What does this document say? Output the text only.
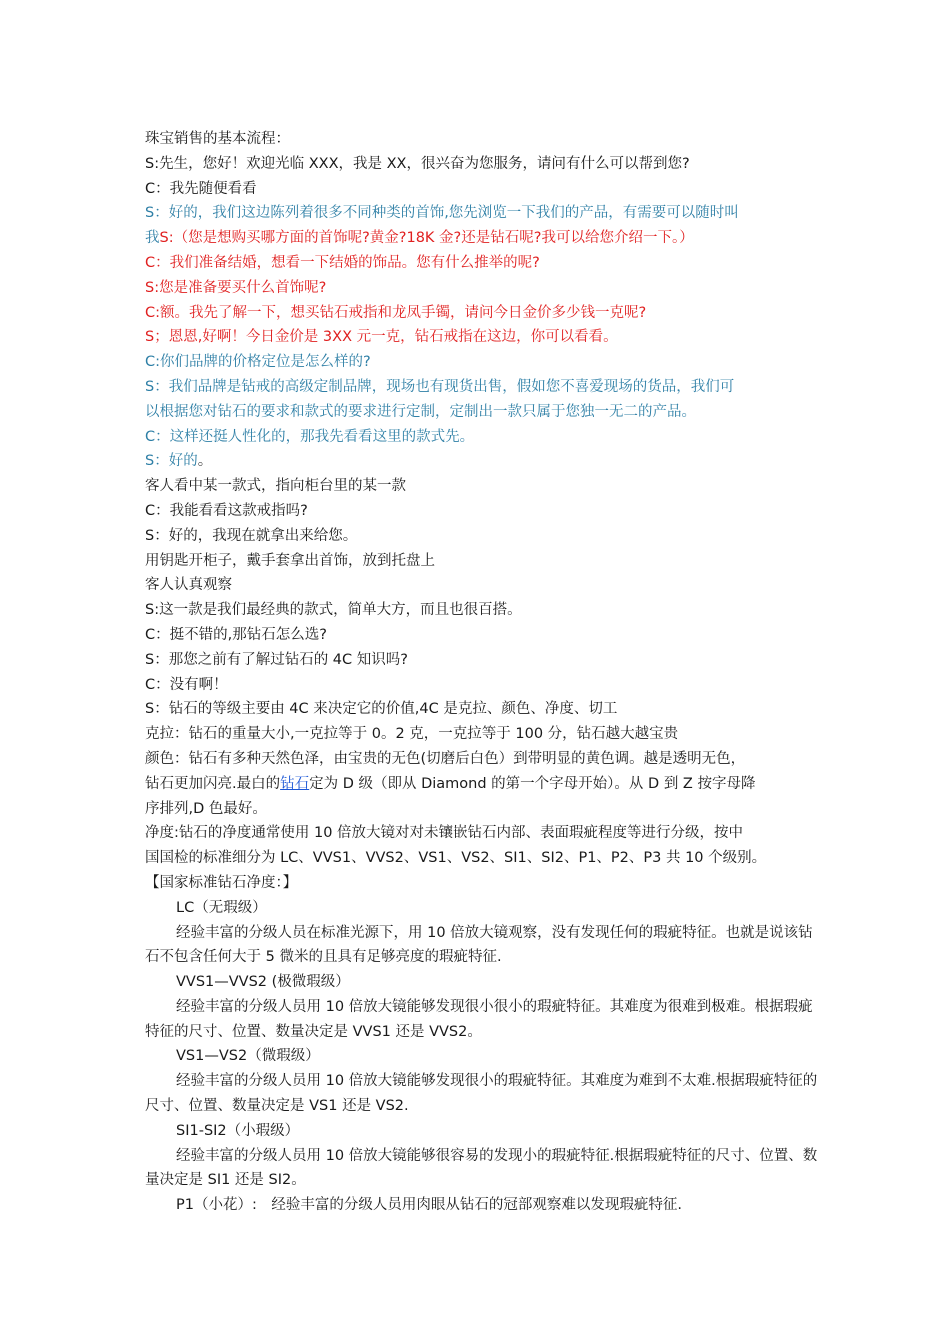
珠宝销售的基本流程：
S:先生，您好！欢迎光临 XXX，我是 XX，很兴奋为您服务，请问有什么可以帮到您?
C：我先随便看看
S：好的，我们这边陈列着很多不同种类的首饰,您先浏览一下我们的产品，有需要可以随时叫
我S:（您是想购买哪方面的首饰呢?黄金?18K 金?还是钻石呢?我可以给您介绍一下。）
C：我们准备结婚，想看一下结婚的饰品。您有什么推举的呢?
S:您是准备要买什么首饰呢?
C:额。我先了解一下，想买钻石戒指和龙凤手镯，请问今日金价多少钱一克呢?
S；恩恩,好啊！今日金价是 3XX 元一克，钻石戒指在这边，你可以看看。
C:你们品牌的价格定位是怎么样的?
S：我们品牌是钻戒的高级定制品牌，现场也有现货出售，假如您不喜爱现场的货品，我们可
以根据您对钻石的要求和款式的要求进行定制，定制出一款只属于您独一无二的产品。
C：这样还挺人性化的，那我先看看这里的款式先。
S：好的。
客人看中某一款式，指向柜台里的某一款
C：我能看看这款戒指吗?
S：好的，我现在就拿出来给您。
用钥匙开柜子，戴手套拿出首饰，放到托盘上
客人认真观察
S:这一款是我们最经典的款式，简单大方，而且也很百搭。
C：挺不错的,那钻石怎么选?
S：那您之前有了解过钻石的 4C 知识吗?
C：没有啊！
S：钻石的等级主要由 4C 来决定它的价值,4C 是克拉、颜色、净度、切工
克拉：钻石的重量大小,一克拉等于 0。2 克，一克拉等于 100 分，钻石越大越宝贵
颜色：钻石有多种天然色泽，由宝贵的无色(切磨后白色）到带明显的黄色调。越是透明无色，
钻石更加闪亮.最白的钻石定为 D 级（即从 Diamond 的第一个字母开始）。从 D 到 Z 按字母降
序排列,D 色最好。
净度:钻石的净度通常使用 10 倍放大镜对对未镶嵌钻石内部、表面瑕疵程度等进行分级，按中
国国检的标准细分为 LC、VVS1、VVS2、VS1、VS2、SI1、SI2、P1、P2、P3 共 10 个级别。
【国家标准钻石净度：】
LC（无瑕级）
经验丰富的分级人员在标准光源下，用 10 倍放大镜观察，没有发现任何的瑕疵特征。也就是说该钻石不包含任何大于 5 微米的且具有足够亮度的瑕疵特征.
VVS1—VVS2 (极微瑕级）
经验丰富的分级人员用 10 倍放大镜能够发现很小很小的瑕疵特征。其难度为很难到极难。根据瑕疵特征的尺寸、位置、数量决定是 VVS1 还是 VVS2。
VS1—VS2（微瑕级）
经验丰富的分级人员用 10 倍放大镜能够发现很小的瑕疵特征。其难度为难到不太难.根据瑕疵特征的尺寸、位置、数量决定是 VS1 还是 VS2.
SI1-SI2（小瑕级）
经验丰富的分级人员用 10 倍放大镜能够很容易的发现小的瑕疵特征.根据瑕疵特征的尺寸、位置、数量决定是 SI1 还是 SI2。
P1（小花）:　经验丰富的分级人员用肉眼从钻石的冠部观察难以发现瑕疵特征.
